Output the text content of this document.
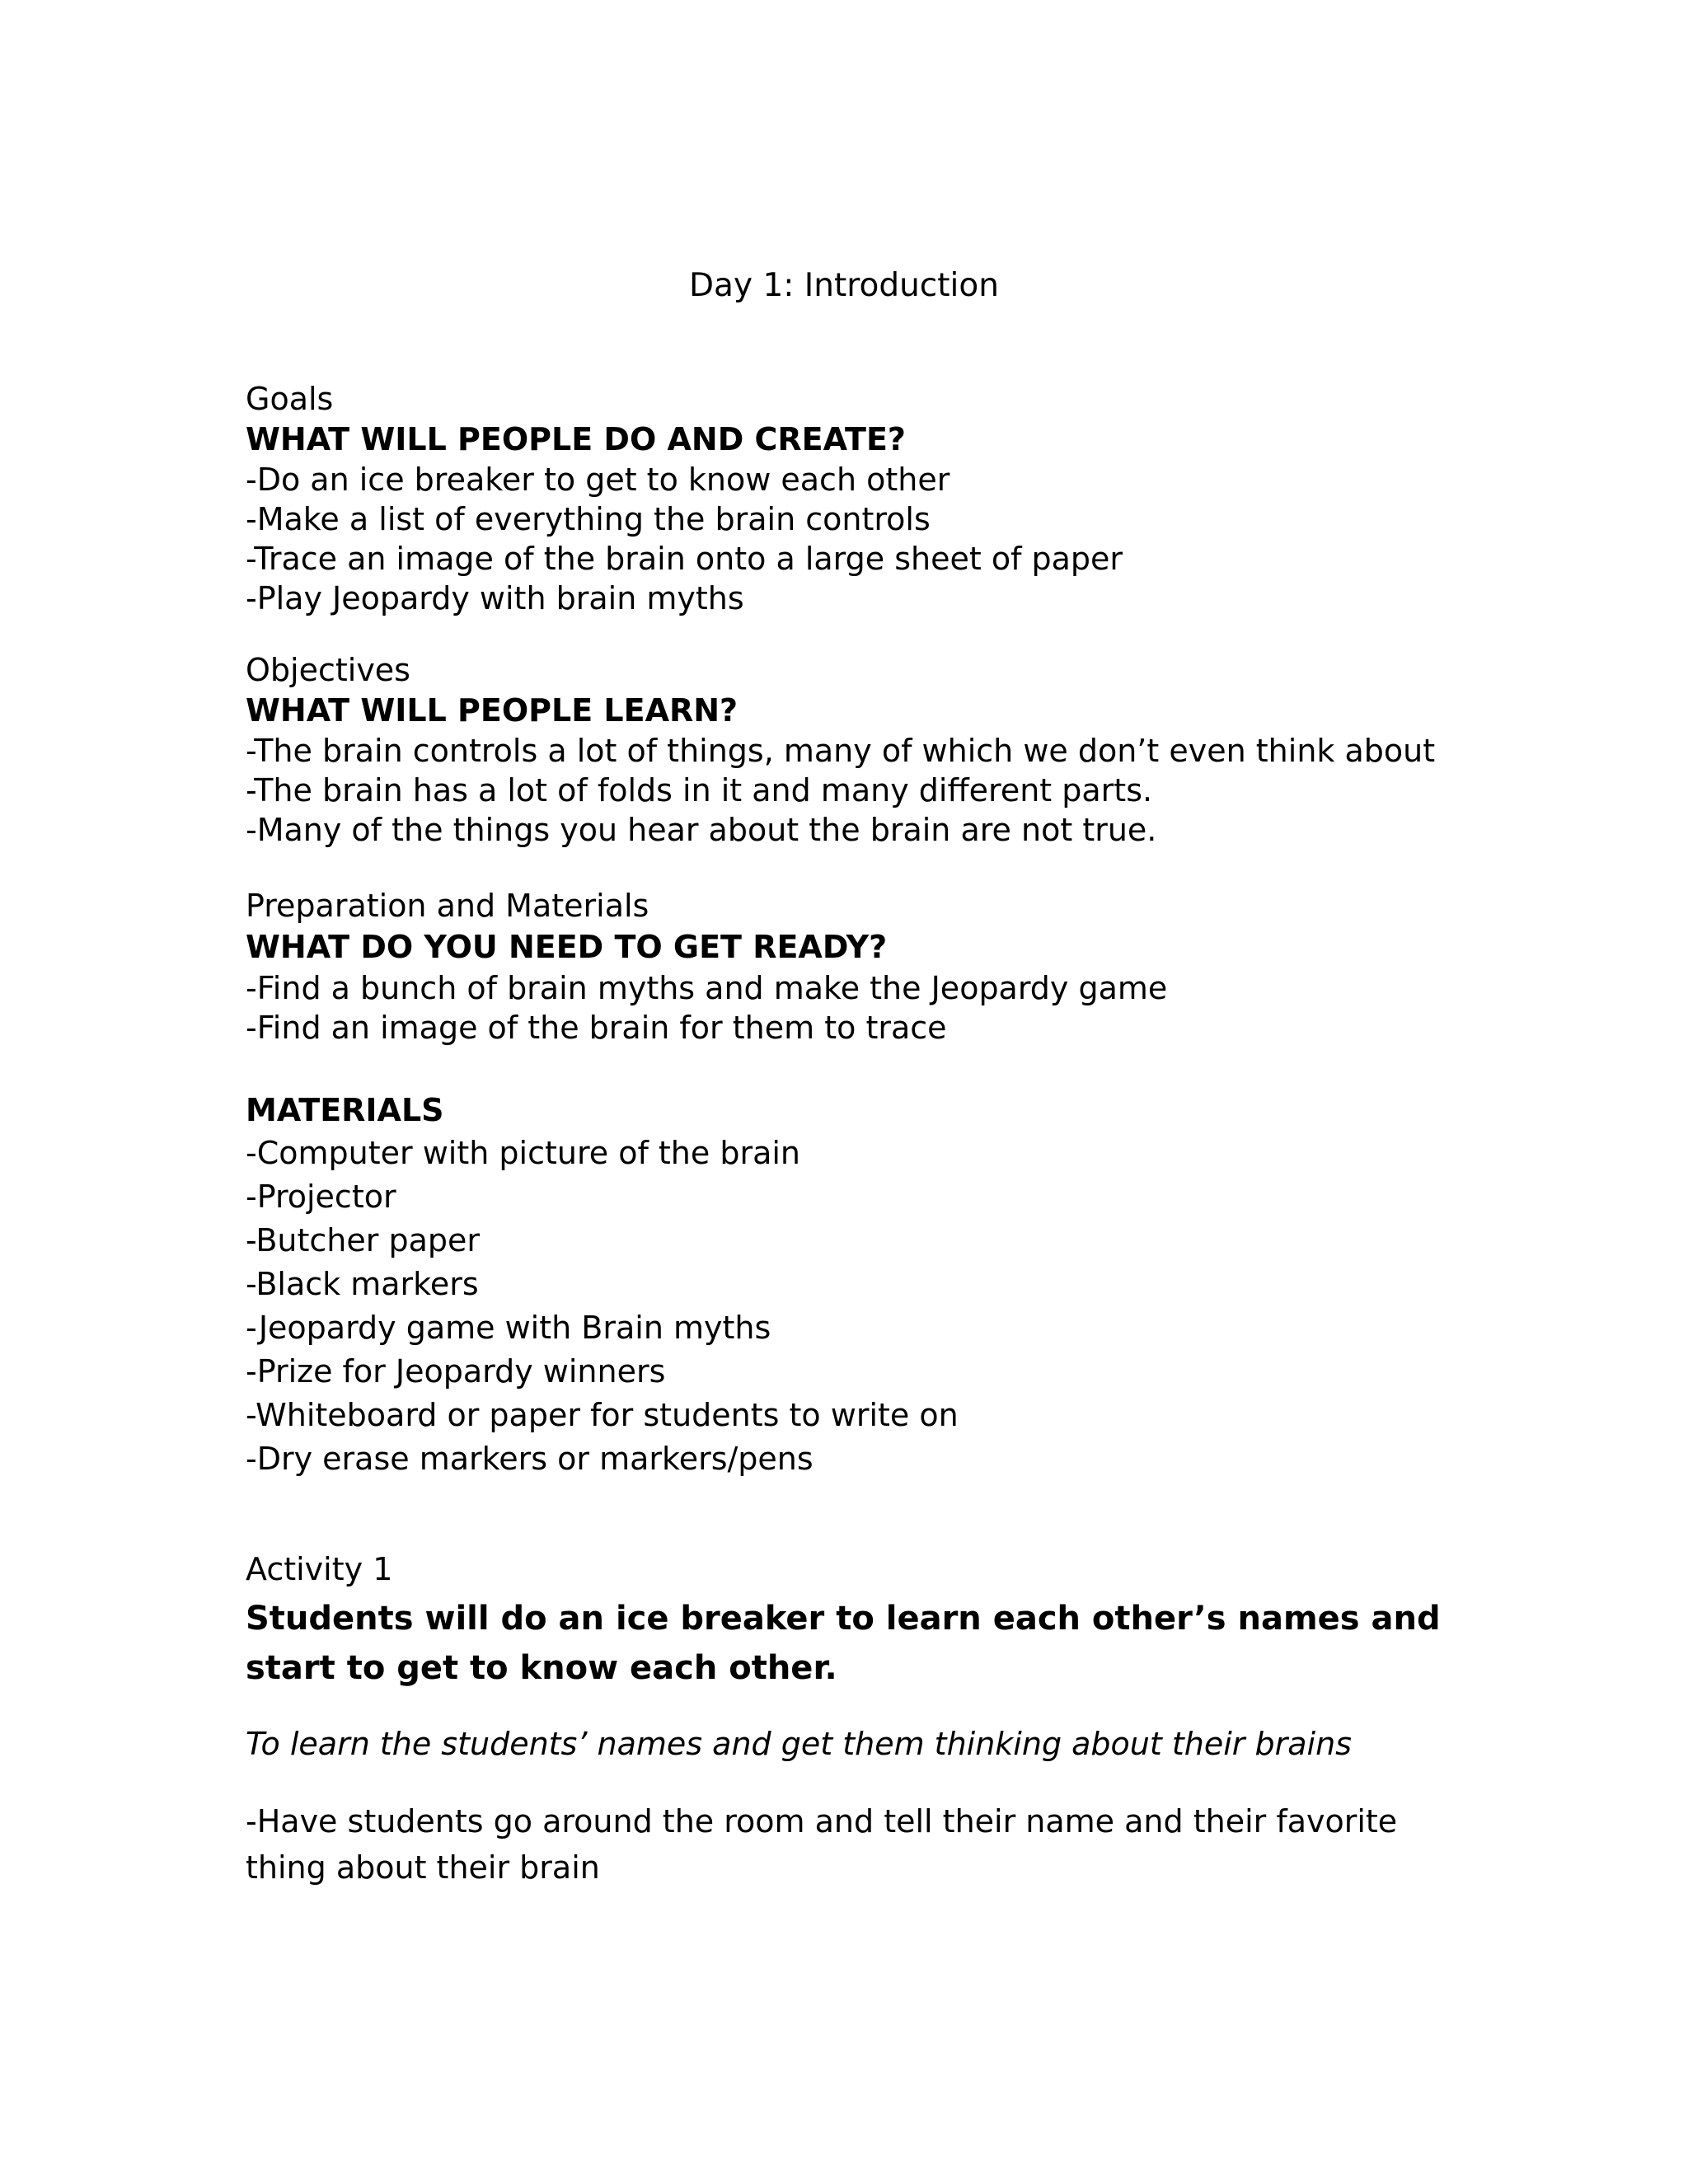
Day 1: Introduction
Goals
WHAT WILL PEOPLE DO AND CREATE?
-Do an ice breaker to get to know each other
-Make a list of everything the brain controls
-Trace an image of the brain onto a large sheet of paper
-Play Jeopardy with brain myths
Objectives
WHAT WILL PEOPLE LEARN?
-The brain controls a lot of things, many of which we don’t even think about
-The brain has a lot of folds in it and many different parts.
-Many of the things you hear about the brain are not true.
Preparation and Materials
WHAT DO YOU NEED TO GET READY?
-Find a bunch of brain myths and make the Jeopardy game
-Find an image of the brain for them to trace
MATERIALS
-Computer with picture of the brain
-Projector
-Butcher paper
-Black markers
-Jeopardy game with Brain myths
-Prize for Jeopardy winners
-Whiteboard or paper for students to write on
-Dry erase markers or markers/pens
Activity 1
Students will do an ice breaker to learn each other’s names and start to get to know each other.
To learn the students’ names and get them thinking about their brains
-Have students go around the room and tell their name and their favorite thing about their brain
